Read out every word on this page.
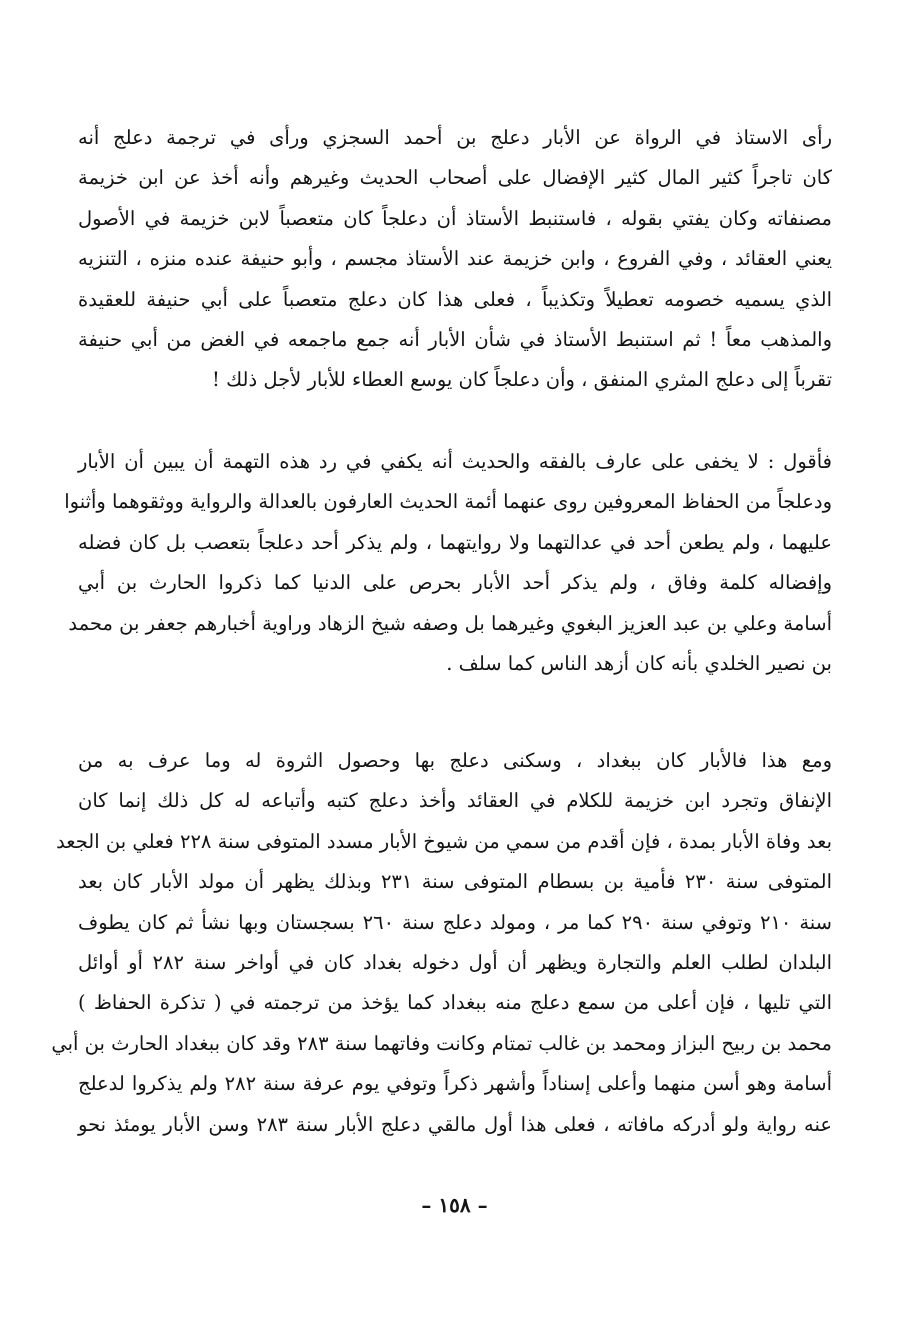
رأى الاستاذ في الرواة عن الأبار دعلج بن أحمد السجزي ورأى في ترجمة دعلج أنه
كان تاجراً كثير المال كثير الإفضال على أصحاب الحديث وغيرهم وأنه أخذ عن ابن خزيمة
مصنفاته وكان يفتي بقوله ، فاستنبط الأستاذ أن دعلجاً كان متعصباً لابن خزيمة في الأصول
يعني العقائد ، وفي الفروع ، وابن خزيمة عند الأستاذ مجسم ، وأبو حنيفة عنده منزه ، التنزيه
الذي يسميه خصومه تعطيلاً وتكذيباً ، فعلى هذا كان دعلج متعصباً على أبي حنيفة للعقيدة
والمذهب معاً ! ثم استنبط الأستاذ في شأن الأبار أنه جمع ماجمعه في الغض من أبي حنيفة
تقرباً إلى دعلج المثري المنفق ، وأن دعلجاً كان يوسع العطاء للأبار لأجل ذلك !
فأقول : لا يخفى على عارف بالفقه والحديث أنه يكفي في رد هذه التهمة أن يبين أن الأبار
ودعلجاً من الحفاظ المعروفين روى عنهما أئمة الحديث العارفون بالعدالة والرواية ووثقوهما وأثنوا
عليهما ، ولم يطعن أحد في عدالتهما ولا روايتهما ، ولم يذكر أحد دعلجاً بتعصب بل كان فضله
وإفضاله كلمة وفاق ، ولم يذكر أحد الأبار بحرص على الدنيا كما ذكروا الحارث بن أبي
أسامة وعلي بن عبد العزيز البغوي وغيرهما بل وصفه شيخ الزهاد وراوية أخبارهم جعفر بن محمد
بن نصير الخلدي بأنه كان أزهد الناس كما سلف .
ومع هذا فالأبار كان ببغداد ، وسكنى دعلج بها وحصول الثروة له وما عرف به من
الإنفاق وتجرد ابن خزيمة للكلام في العقائد وأخذ دعلج كتبه وأتباعه له كل ذلك إنما كان
بعد وفاة الأبار بمدة ، فإن أقدم من سمي من شيوخ الأبار مسدد المتوفى سنة ٢٢٨ فعلي بن الجعد
المتوفى سنة ٢٣٠ فأمية بن بسطام المتوفى سنة ٢٣١ وبذلك يظهر أن مولد الأبار كان بعد
سنة ٢١٠ وتوفي سنة ٢٩٠ كما مر ، ومولد دعلج سنة ٢٦٠ بسجستان وبها نشأ ثم كان يطوف
البلدان لطلب العلم والتجارة ويظهر أن أول دخوله بغداد كان في أواخر سنة ٢٨٢ أو أوائل
التي تليها ، فإن أعلى من سمع دعلج منه ببغداد كما يؤخذ من ترجمته في ( تذكرة الحفاظ )
محمد بن ربيح البزاز ومحمد بن غالب تمتام وكانت وفاتهما سنة ٢٨٣ وقد كان ببغداد الحارث بن أبي
أسامة وهو أسن منهما وأعلى إسناداً وأشهر ذكراً وتوفي يوم عرفة سنة ٢٨٢ ولم يذكروا لدعلج
عنه رواية ولو أدركه مافاته ، فعلى هذا أول مالقي دعلج الأبار سنة ٢٨٣ وسن الأبار يومئذ نحو
– ١٥٨ –
